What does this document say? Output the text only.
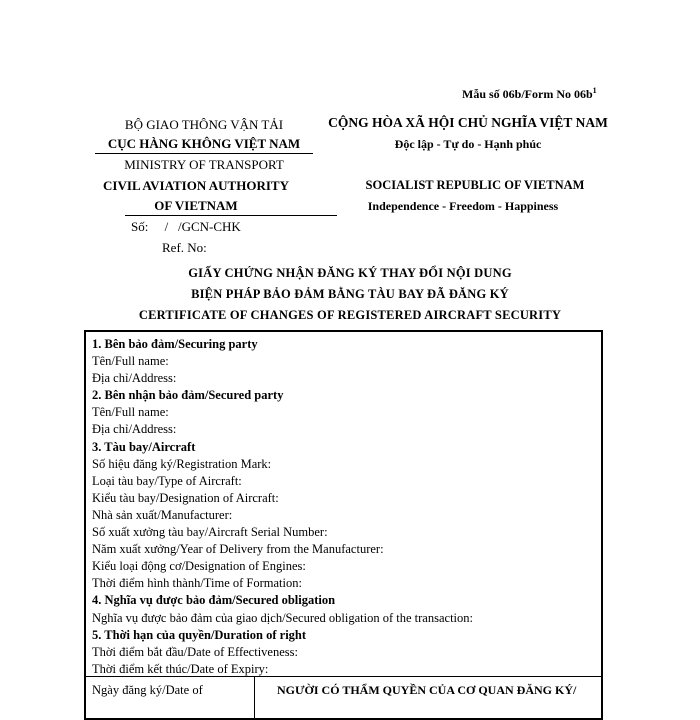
Mẫu số 06b/Form No $06b^1$
BỘ GIAO THÔNG VẬN TẢI
CỤC HÀNG KHÔNG VIỆT NAM
MINISTRY OF TRANSPORT
CIVIL AVIATION AUTHORITY
OF VIETNAM
Số: / /GCN-CHK
Ref. No:
CỘNG HÒA XÃ HỘI CHỦ NGHĨA VIỆT NAM
Độc lập - Tự do - Hạnh phúc
SOCIALIST REPUBLIC OF VIETNAM
Independence - Freedom - Happiness
GIẤY CHỨNG NHẬN ĐĂNG KÝ THAY ĐỔI NỘI DUNG
BIỆN PHÁP BẢO ĐẢM BẰNG TÀU BAY ĐÃ ĐĂNG KÝ
CERTIFICATE OF CHANGES OF REGISTERED AIRCRAFT SECURITY
1. Bên bảo đảm/Securing party
Tên/Full name:
Địa chỉ/Address:
2. Bên nhận bảo đảm/Secured party
Tên/Full name:
Địa chỉ/Address:
3. Tàu bay/Aircraft
Số hiệu đăng ký/Registration Mark:
Loại tàu bay/Type of Aircraft:
Kiểu tàu bay/Designation of Aircraft:
Nhà sản xuất/Manufacturer:
Số xuất xưởng tàu bay/Aircraft Serial Number:
Năm xuất xưởng/Year of Delivery from the Manufacturer:
Kiểu loại động cơ/Designation of Engines:
Thời điểm hình thành/Time of Formation:
4. Nghĩa vụ được bảo đảm/Secured obligation
Nghĩa vụ được bảo đảm của giao dịch/Secured obligation of the transaction:
5. Thời hạn của quyền/Duration of right
Thời điểm bắt đầu/Date of Effectiveness:
Thời điểm kết thúc/Date of Expiry:
Ngày đăng ký/Date of	NGƯỜI CÓ THẨM QUYỀN CỦA CƠ QUAN ĐĂNG KÝ/
